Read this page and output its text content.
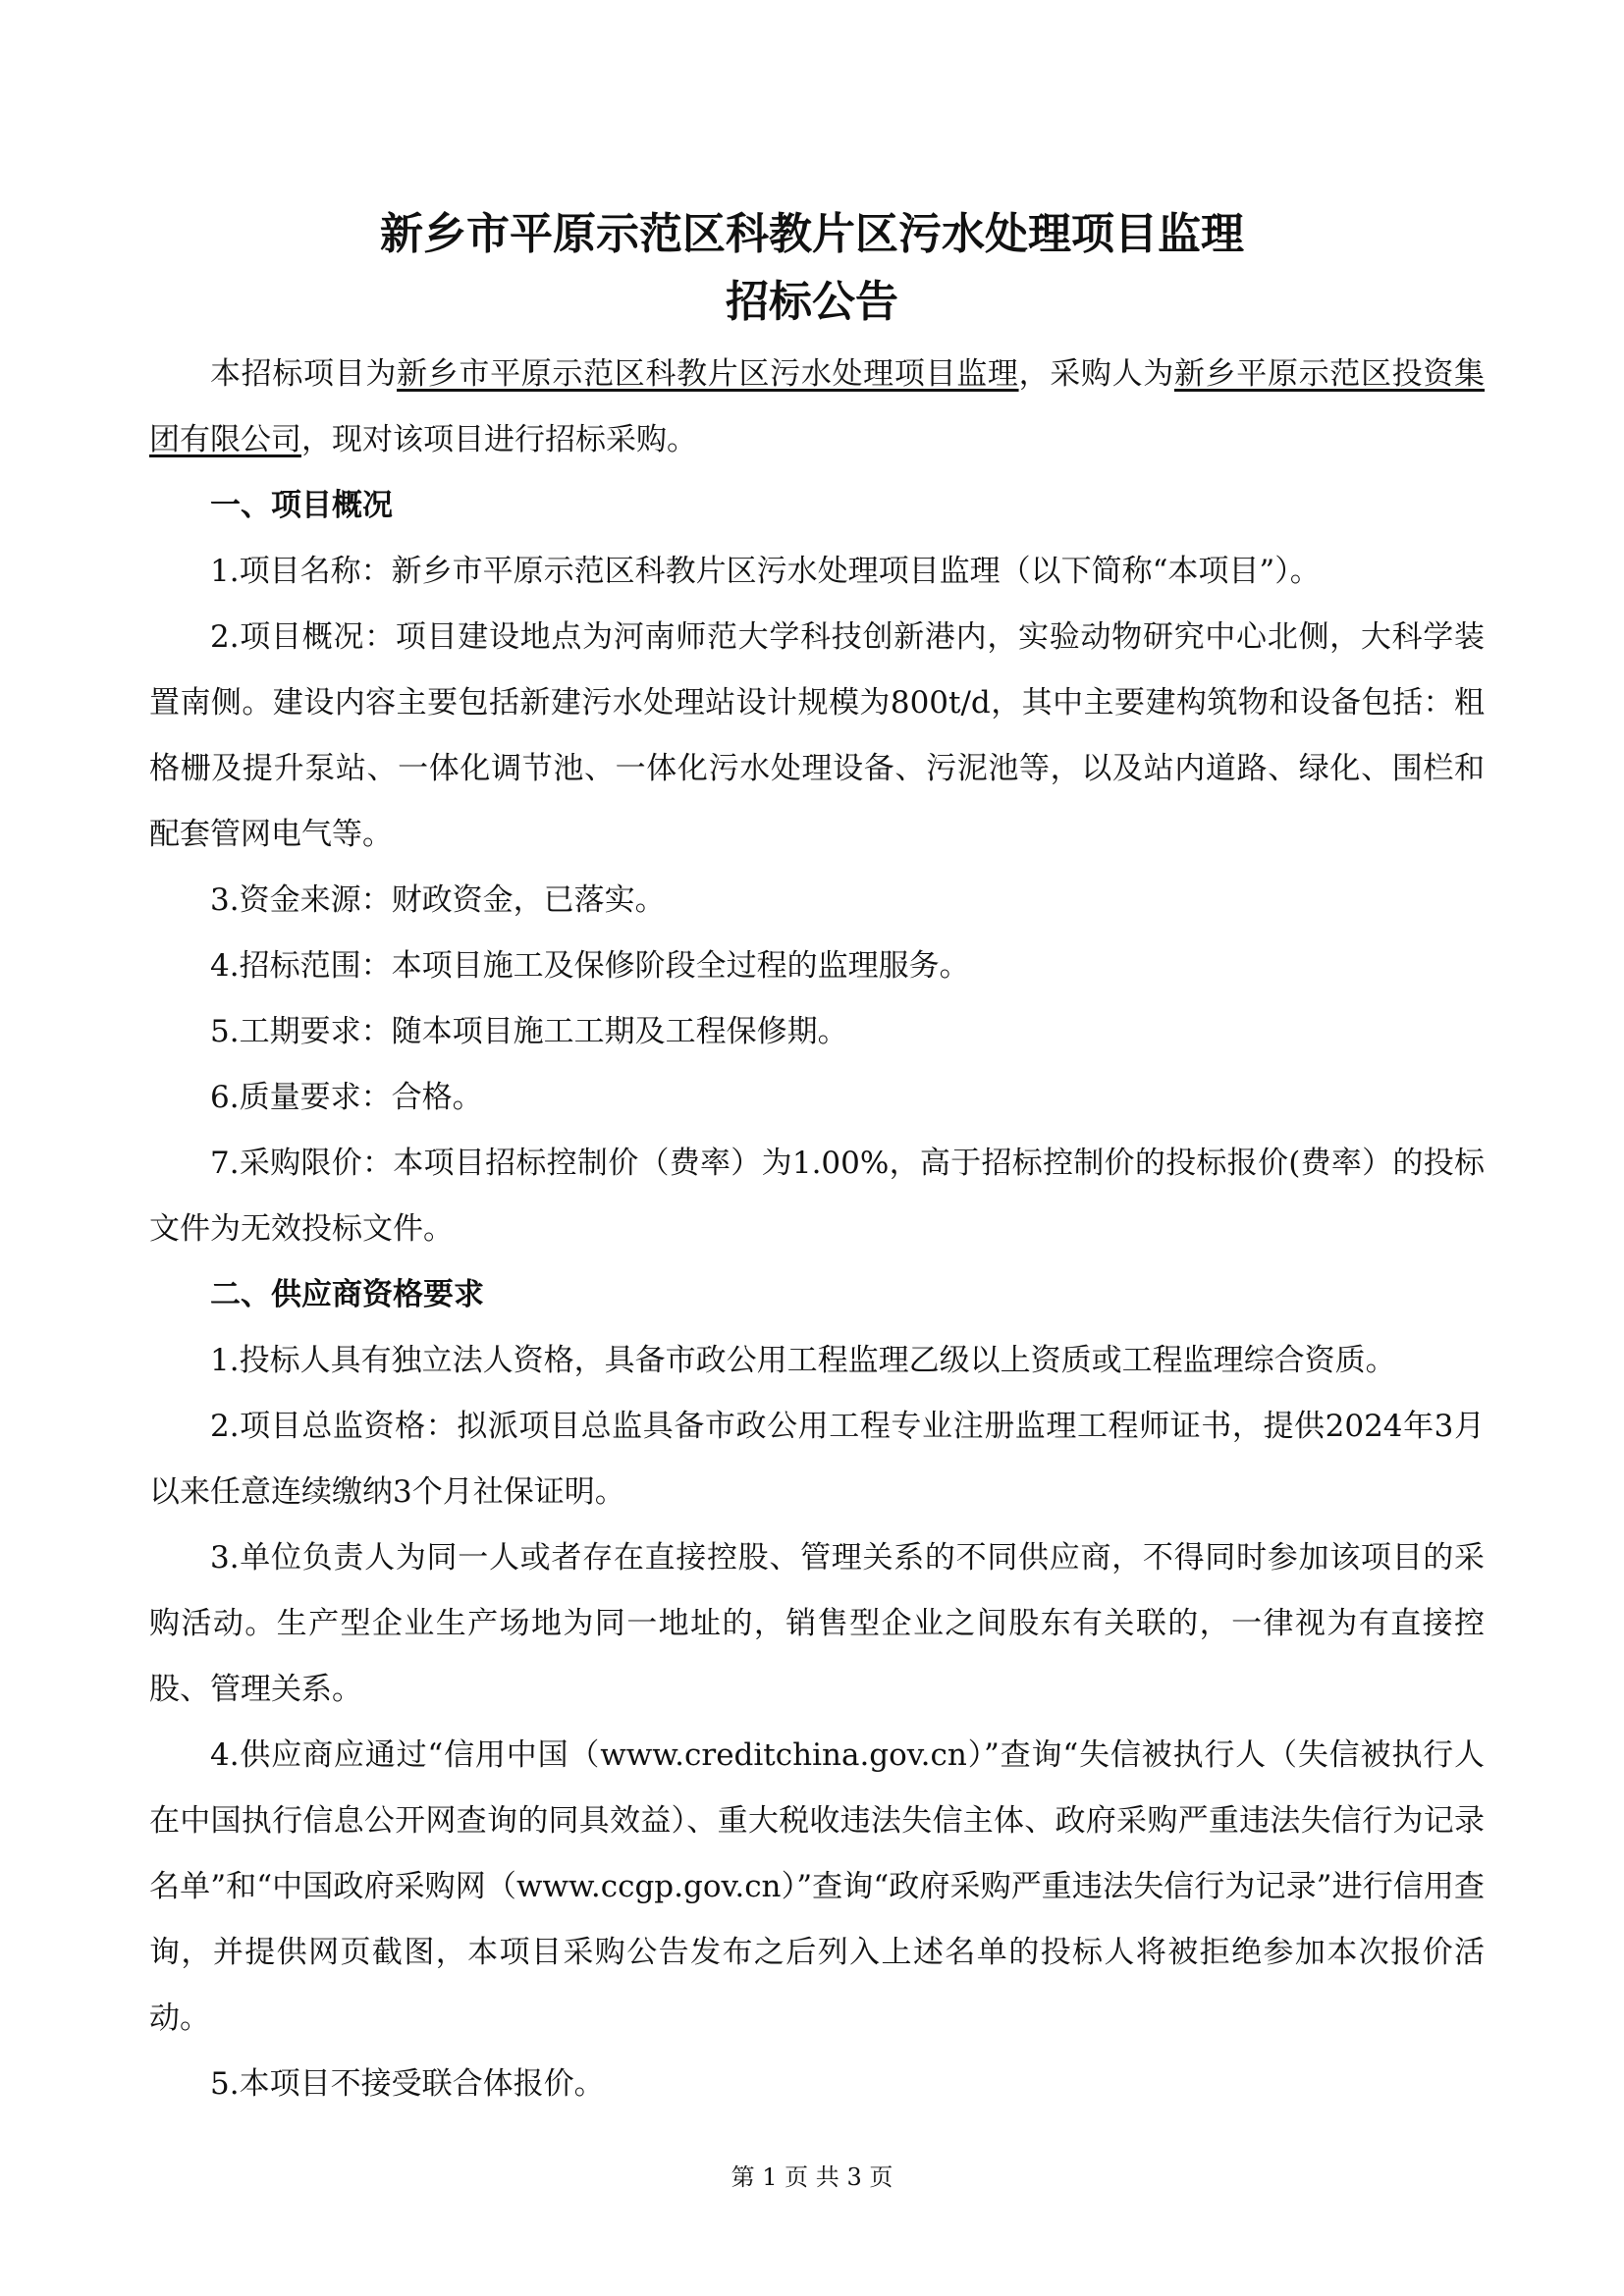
新乡市平原示范区科教片区污水处理项目监理
招标公告

本招标项目为新乡市平原示范区科教片区污水处理项目监理，采购人为新乡平原示范区投资集团有限公司，现对该项目进行招标采购。

一、项目概况

1.项目名称：新乡市平原示范区科教片区污水处理项目监理（以下简称“本项目”）。

2.项目概况：项目建设地点为河南师范大学科技创新港内，实验动物研究中心北侧，大科学装置南侧。建设内容主要包括新建污水处理站设计规模为800t/d，其中主要建构筑物和设备包括：粗格栅及提升泵站、一体化调节池、一体化污水处理设备、污泥池等，以及站内道路、绿化、围栏和配套管网电气等。

3.资金来源：财政资金，已落实。

4.招标范围：本项目施工及保修阶段全过程的监理服务。

5.工期要求：随本项目施工工期及工程保修期。

6.质量要求：合格。

7.采购限价：本项目招标控制价（费率）为1.00%，高于招标控制价的投标报价(费率）的投标文件为无效投标文件。

二、供应商资格要求

1.投标人具有独立法人资格，具备市政公用工程监理乙级以上资质或工程监理综合资质。

2.项目总监资格：拟派项目总监具备市政公用工程专业注册监理工程师证书，提供2024年3月以来任意连续缴纳3个月社保证明。

3.单位负责人为同一人或者存在直接控股、管理关系的不同供应商，不得同时参加该项目的采购活动。生产型企业生产场地为同一地址的，销售型企业之间股东有关联的，一律视为有直接控股、管理关系。

4.供应商应通过“信用中国（www.creditchina.gov.cn）”查询“失信被执行人（失信被执行人在中国执行信息公开网查询的同具效益）、重大税收违法失信主体、政府采购严重违法失信行为记录名单”和“中国政府采购网（www.ccgp.gov.cn）”查询“政府采购严重违法失信行为记录”进行信用查询，并提供网页截图，本项目采购公告发布之后列入上述名单的投标人将被拒绝参加本次报价活动。

5.本项目不接受联合体报价。

第 1 页 共 3 页
